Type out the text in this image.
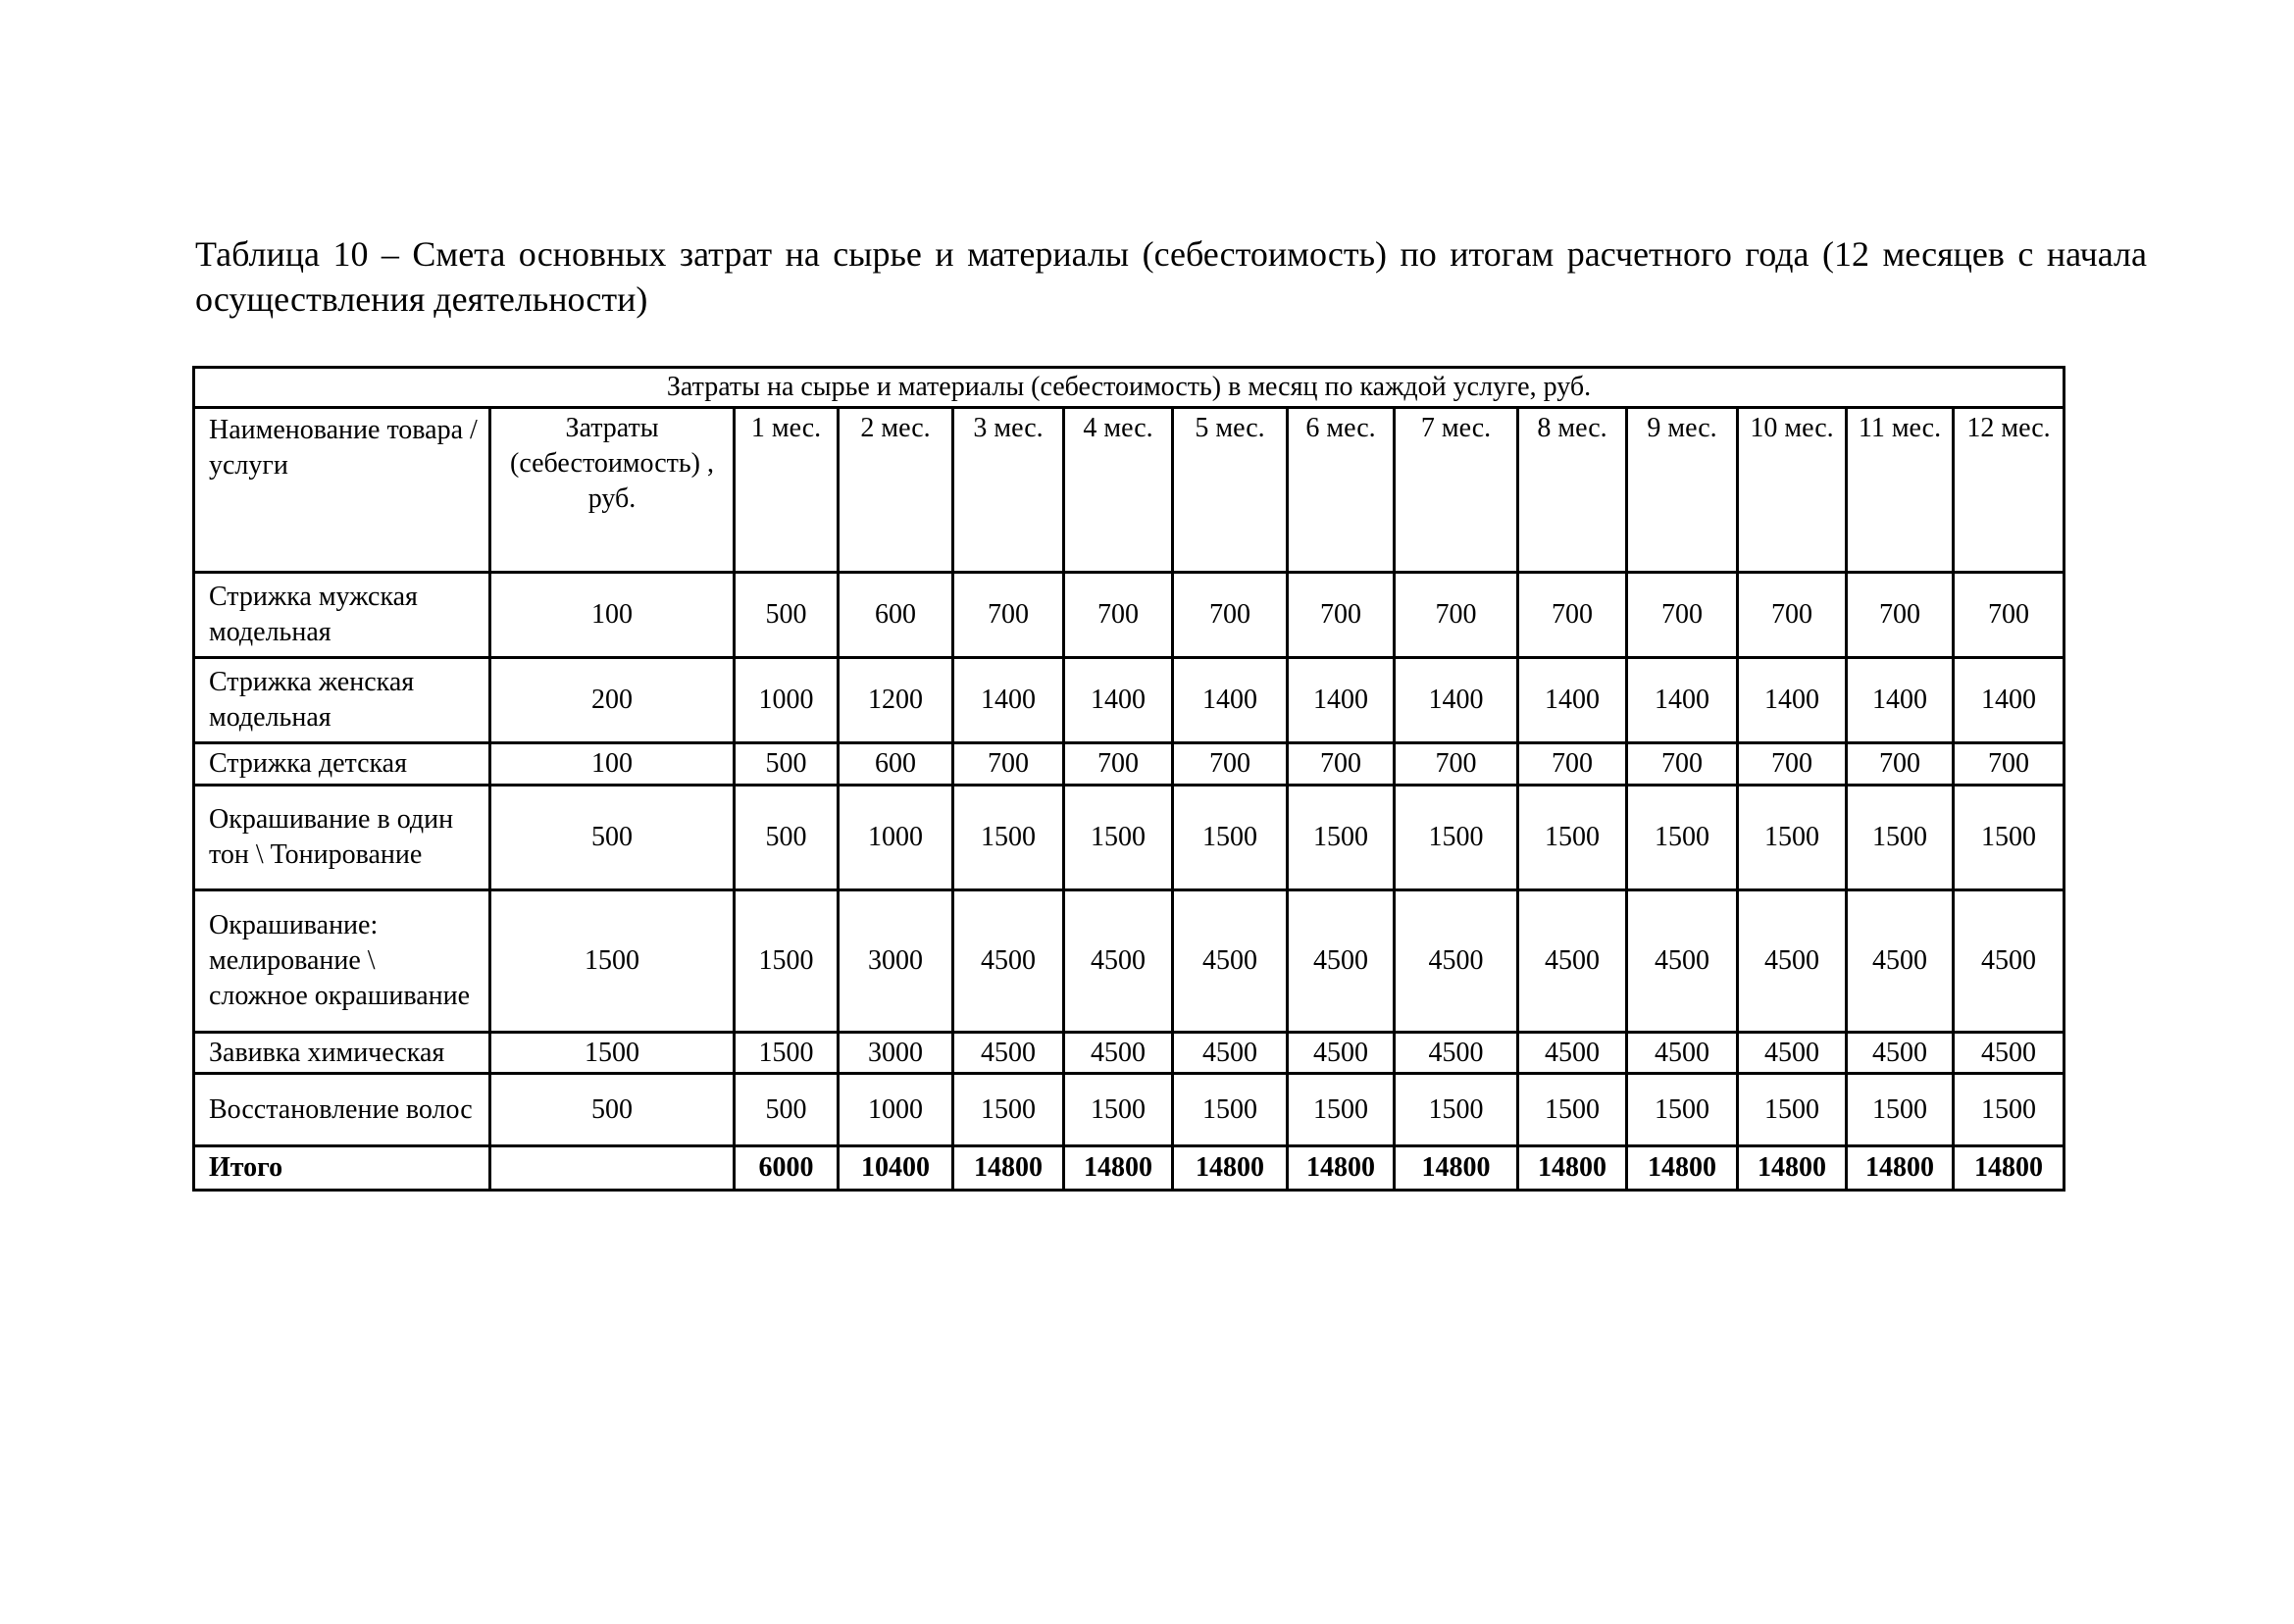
Таблица 10 – Смета основных затрат на сырье и материалы (себестоимость) по итогам расчетного года (12 месяцев с начала осуществления деятельности)
Затраты на сырье и материалы (себестоимость) в месяц по каждой услуге, руб.													
Наименование товара / услуги	Затраты (себестоимость) , руб.	1 мес.	2 мес.	3 мес.	4 мес.	5 мес.	6 мес.	7 мес.	8 мес.	9 мес.	10 мес.	11 мес.	12 мес.
Стрижка мужская модельная	100	500	600	700	700	700	700	700	700	700	700	700	700
Стрижка женская модельная	200	1000	1200	1400	1400	1400	1400	1400	1400	1400	1400	1400	1400
Стрижка детская	100	500	600	700	700	700	700	700	700	700	700	700	700
Окрашивание в один тон \ Тонирование	500	500	1000	1500	1500	1500	1500	1500	1500	1500	1500	1500	1500
Окрашивание: мелирование \ сложное окрашивание	1500	1500	3000	4500	4500	4500	4500	4500	4500	4500	4500	4500	4500
Завивка химическая	1500	1500	3000	4500	4500	4500	4500	4500	4500	4500	4500	4500	4500
Восстановление волос	500	500	1000	1500	1500	1500	1500	1500	1500	1500	1500	1500	1500
Итого		6000	10400	14800	14800	14800	14800	14800	14800	14800	14800	14800	14800
